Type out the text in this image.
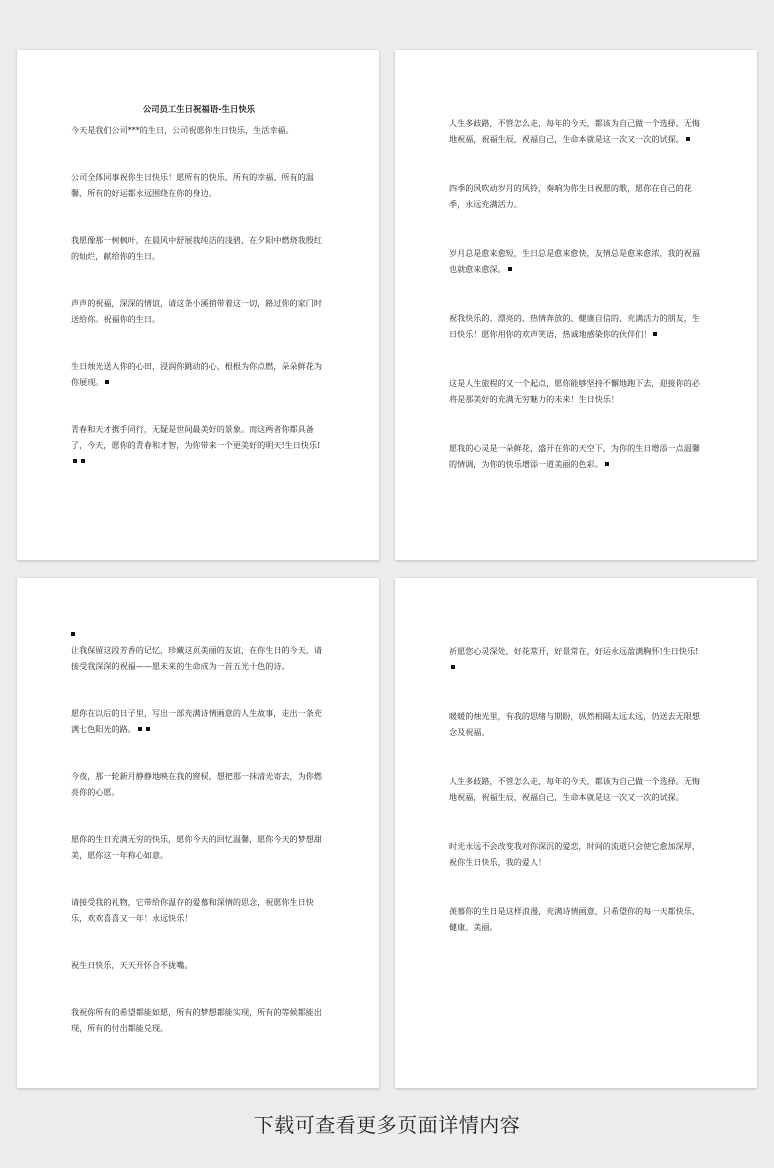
公司员工生日祝福语-生日快乐

今天是我们公司***的生日，公司祝愿你生日快乐，生活幸福。

公司全体同事祝你生日快乐！愿所有的快乐、所有的幸福、所有的温馨、所有的好运都永远围绕在你的身边。

我愿像那一树枫叶，在晨风中舒展我纯洁的浅碧，在夕阳中燃烧我殷红的灿烂，献给你的生日。

声声的祝福，深深的情谊，请这条小溪捎带着这一切，路过你的家门时送给你。祝福你的生日。

生日烛光送入你的心田，浸润你跳动的心，根根为你点燃，朵朵鲜花为你展现。

青春和天才携手同行，无疑是世间最美好的景象。而这两者你都具备了，今天，愿你的青春和才智，为你带来一个更美好的明天!生日快乐!

人生多歧路，不管怎么走，每年的今天，都该为自己做一个选择。无悔地祝福，祝福生辰，祝福自己，生命本就是这一次又一次的试探。

四季的风吹动岁月的风铃，奏响为你生日祝愿的歌，愿你在自己的花季，永远充满活力。

岁月总是愈来愈短，生日总是愈来愈快，友情总是愈来愈浓，我的祝福也就愈来愈深。

祝我快乐的、漂亮的、热情奔放的、健康自信的、充满活力的朋友，生日快乐！愿你用你的欢声笑语，热诚地感染你的伙伴们！

这是人生旅程的又一个起点，愿你能够坚持不懈地跑下去，迎接你的必将是那美好的充满无穷魅力的未来！生日快乐！

愿我的心灵是一朵鲜花，盛开在你的天空下，为你的生日增添一点温馨的情调，为你的快乐增添一道美丽的色彩。

让我保留这段芳香的记忆，珍藏这页美丽的友谊，在你生日的今天，请接受我深深的祝福——愿未来的生命成为一首五光十色的诗。

愿你在以后的日子里，写出一部充满诗情画意的人生故事，走出一条充满七色阳光的路。

今夜，那一轮新月静静地映在我的窗棂，想把那一抹清光寄去，为你燃亮你的心愿。

愿你的生日充满无穷的快乐，愿你今天的回忆温馨，愿你今天的梦想甜美，愿你这一年称心如意。

请接受我的礼物，它带给你温存的爱慕和深情的思念，祝愿你生日快乐，欢欢喜喜又一年！永远快乐！

祝生日快乐，天天开怀合不拢嘴。

我祝你所有的希望都能如愿，所有的梦想都能实现，所有的等候都能出现，所有的付出都能兑现。

祈愿您心灵深处，好花常开，好景常在，好运永远盈满胸怀!生日快乐!

暖暖的烛光里，有我的思绪与期盼，纵然相隔太远太远，仍送去无限想念及祝福。

人生多歧路，不管怎么走，每年的今天，都该为自己做一个选择。无悔地祝福，祝福生辰，祝福自己，生命本就是这一次又一次的试探。

时光永远不会改变我对你深沉的爱恋，时间的流逝只会使它愈加深厚，祝你生日快乐，我的爱人！

羡慕你的生日是这样浪漫，充满诗情画意，只希望你的每一天都快乐、健康、美丽。

下载可查看更多页面详情内容
